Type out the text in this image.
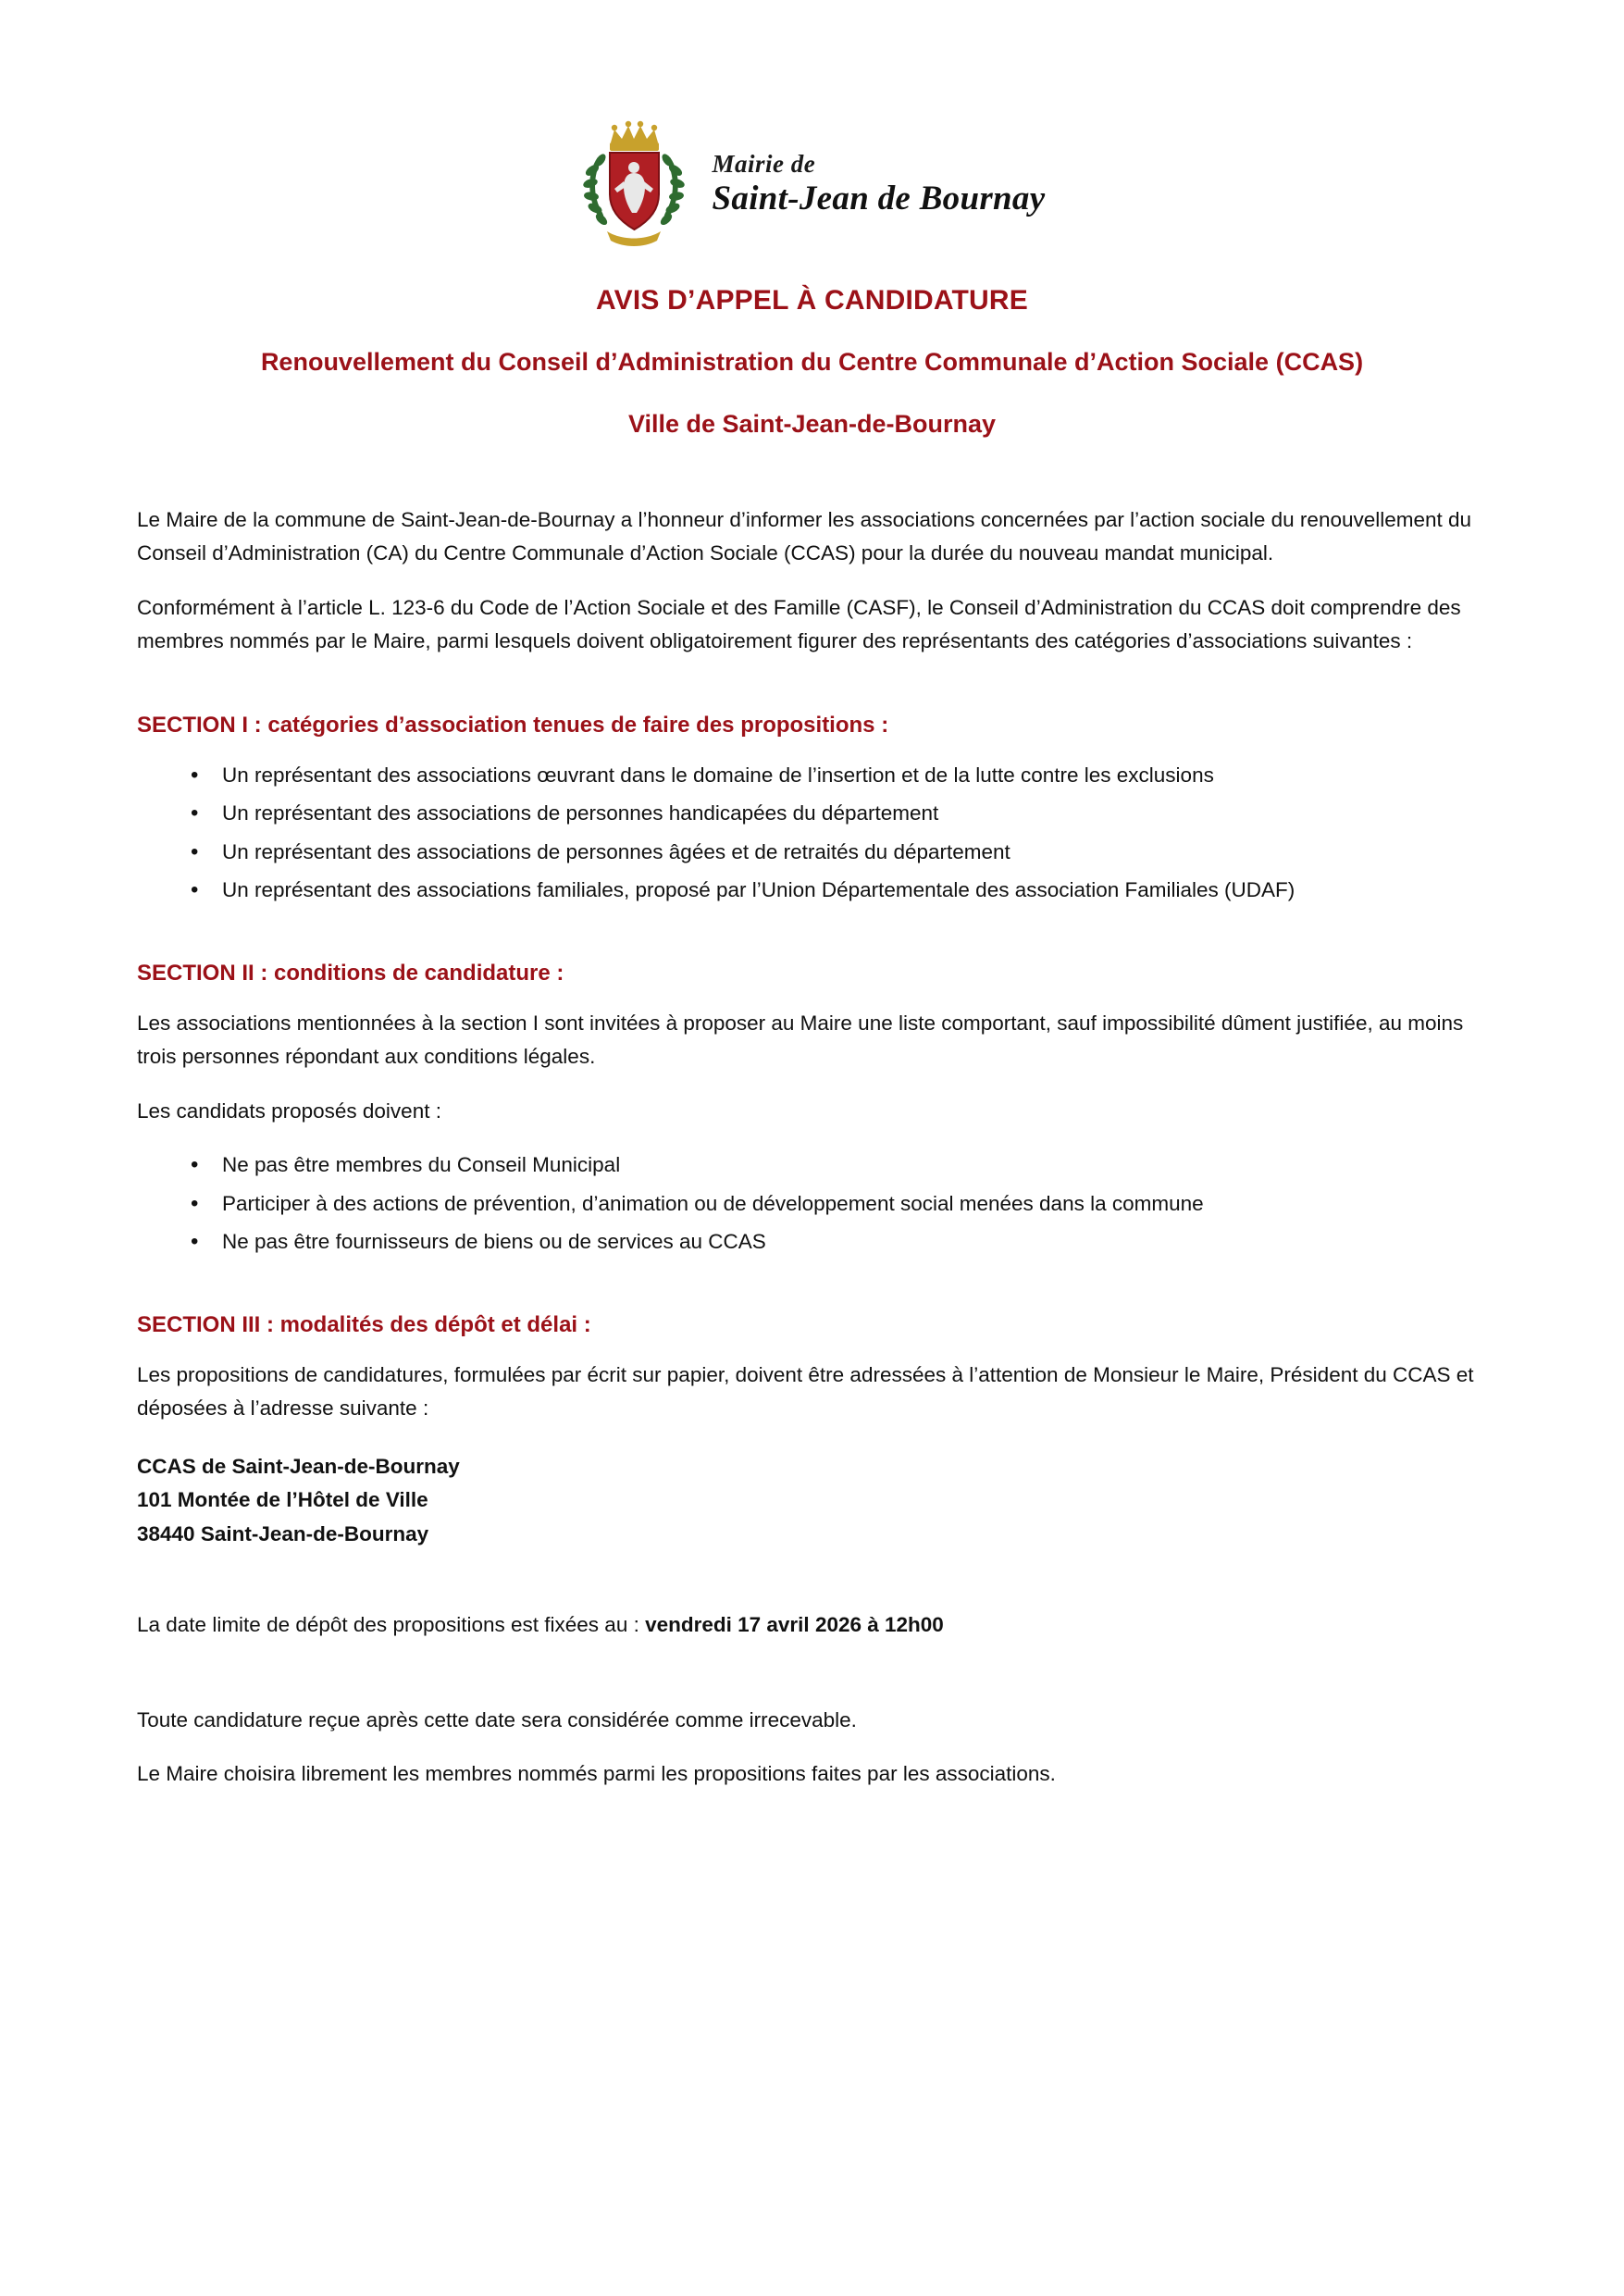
Mairie de
Saint-Jean de Bournay
AVIS D’APPEL À CANDIDATURE
Renouvellement du Conseil d’Administration du Centre Communale d’Action Sociale (CCAS)
Ville de Saint-Jean-de-Bournay

Le Maire de la commune de Saint-Jean-de-Bournay a l’honneur d’informer les associations concernées par l’action sociale du renouvellement du Conseil d’Administration (CA) du Centre Communale d’Action Sociale (CCAS) pour la durée du nouveau mandat municipal.

Conformément à l’article L. 123-6 du Code de l’Action Sociale et des Famille (CASF), le Conseil d’Administration du CCAS doit comprendre des membres nommés par le Maire, parmi lesquels doivent obligatoirement figurer des représentants des catégories d’associations suivantes :

SECTION I : catégories d’association tenues de faire des propositions :
• Un représentant des associations œuvrant dans le domaine de l’insertion et de la lutte contre les exclusions
• Un représentant des associations de personnes handicapées du département
• Un représentant des associations de personnes âgées et de retraités du département
• Un représentant des associations familiales, proposé par l’Union Départementale des association Familiales (UDAF)
SECTION II : conditions de candidature :

Les associations mentionnées à la section I sont invitées à proposer au Maire une liste comportant, sauf impossibilité dûment justifiée, au moins trois personnes répondant aux conditions légales.

Les candidats proposés doivent :

• Ne pas être membres du Conseil Municipal
• Participer à des actions de prévention, d’animation ou de développement social menées dans la commune
• Ne pas être fournisseurs de biens ou de services au CCAS
SECTION III : modalités des dépôt et délai :

Les propositions de candidatures, formulées par écrit sur papier, doivent être adressées à l’attention de Monsieur le Maire, Président du CCAS et déposées à l’adresse suivante :

CCAS de Saint-Jean-de-Bournay
101 Montée de l’Hôtel de Ville
38440 Saint-Jean-de-Bournay

La date limite de dépôt des propositions est fixées au : vendredi 17 avril 2026 à 12h00

Toute candidature reçue après cette date sera considérée comme irrecevable.

Le Maire choisira librement les membres nommés parmi les propositions faites par les associations.
